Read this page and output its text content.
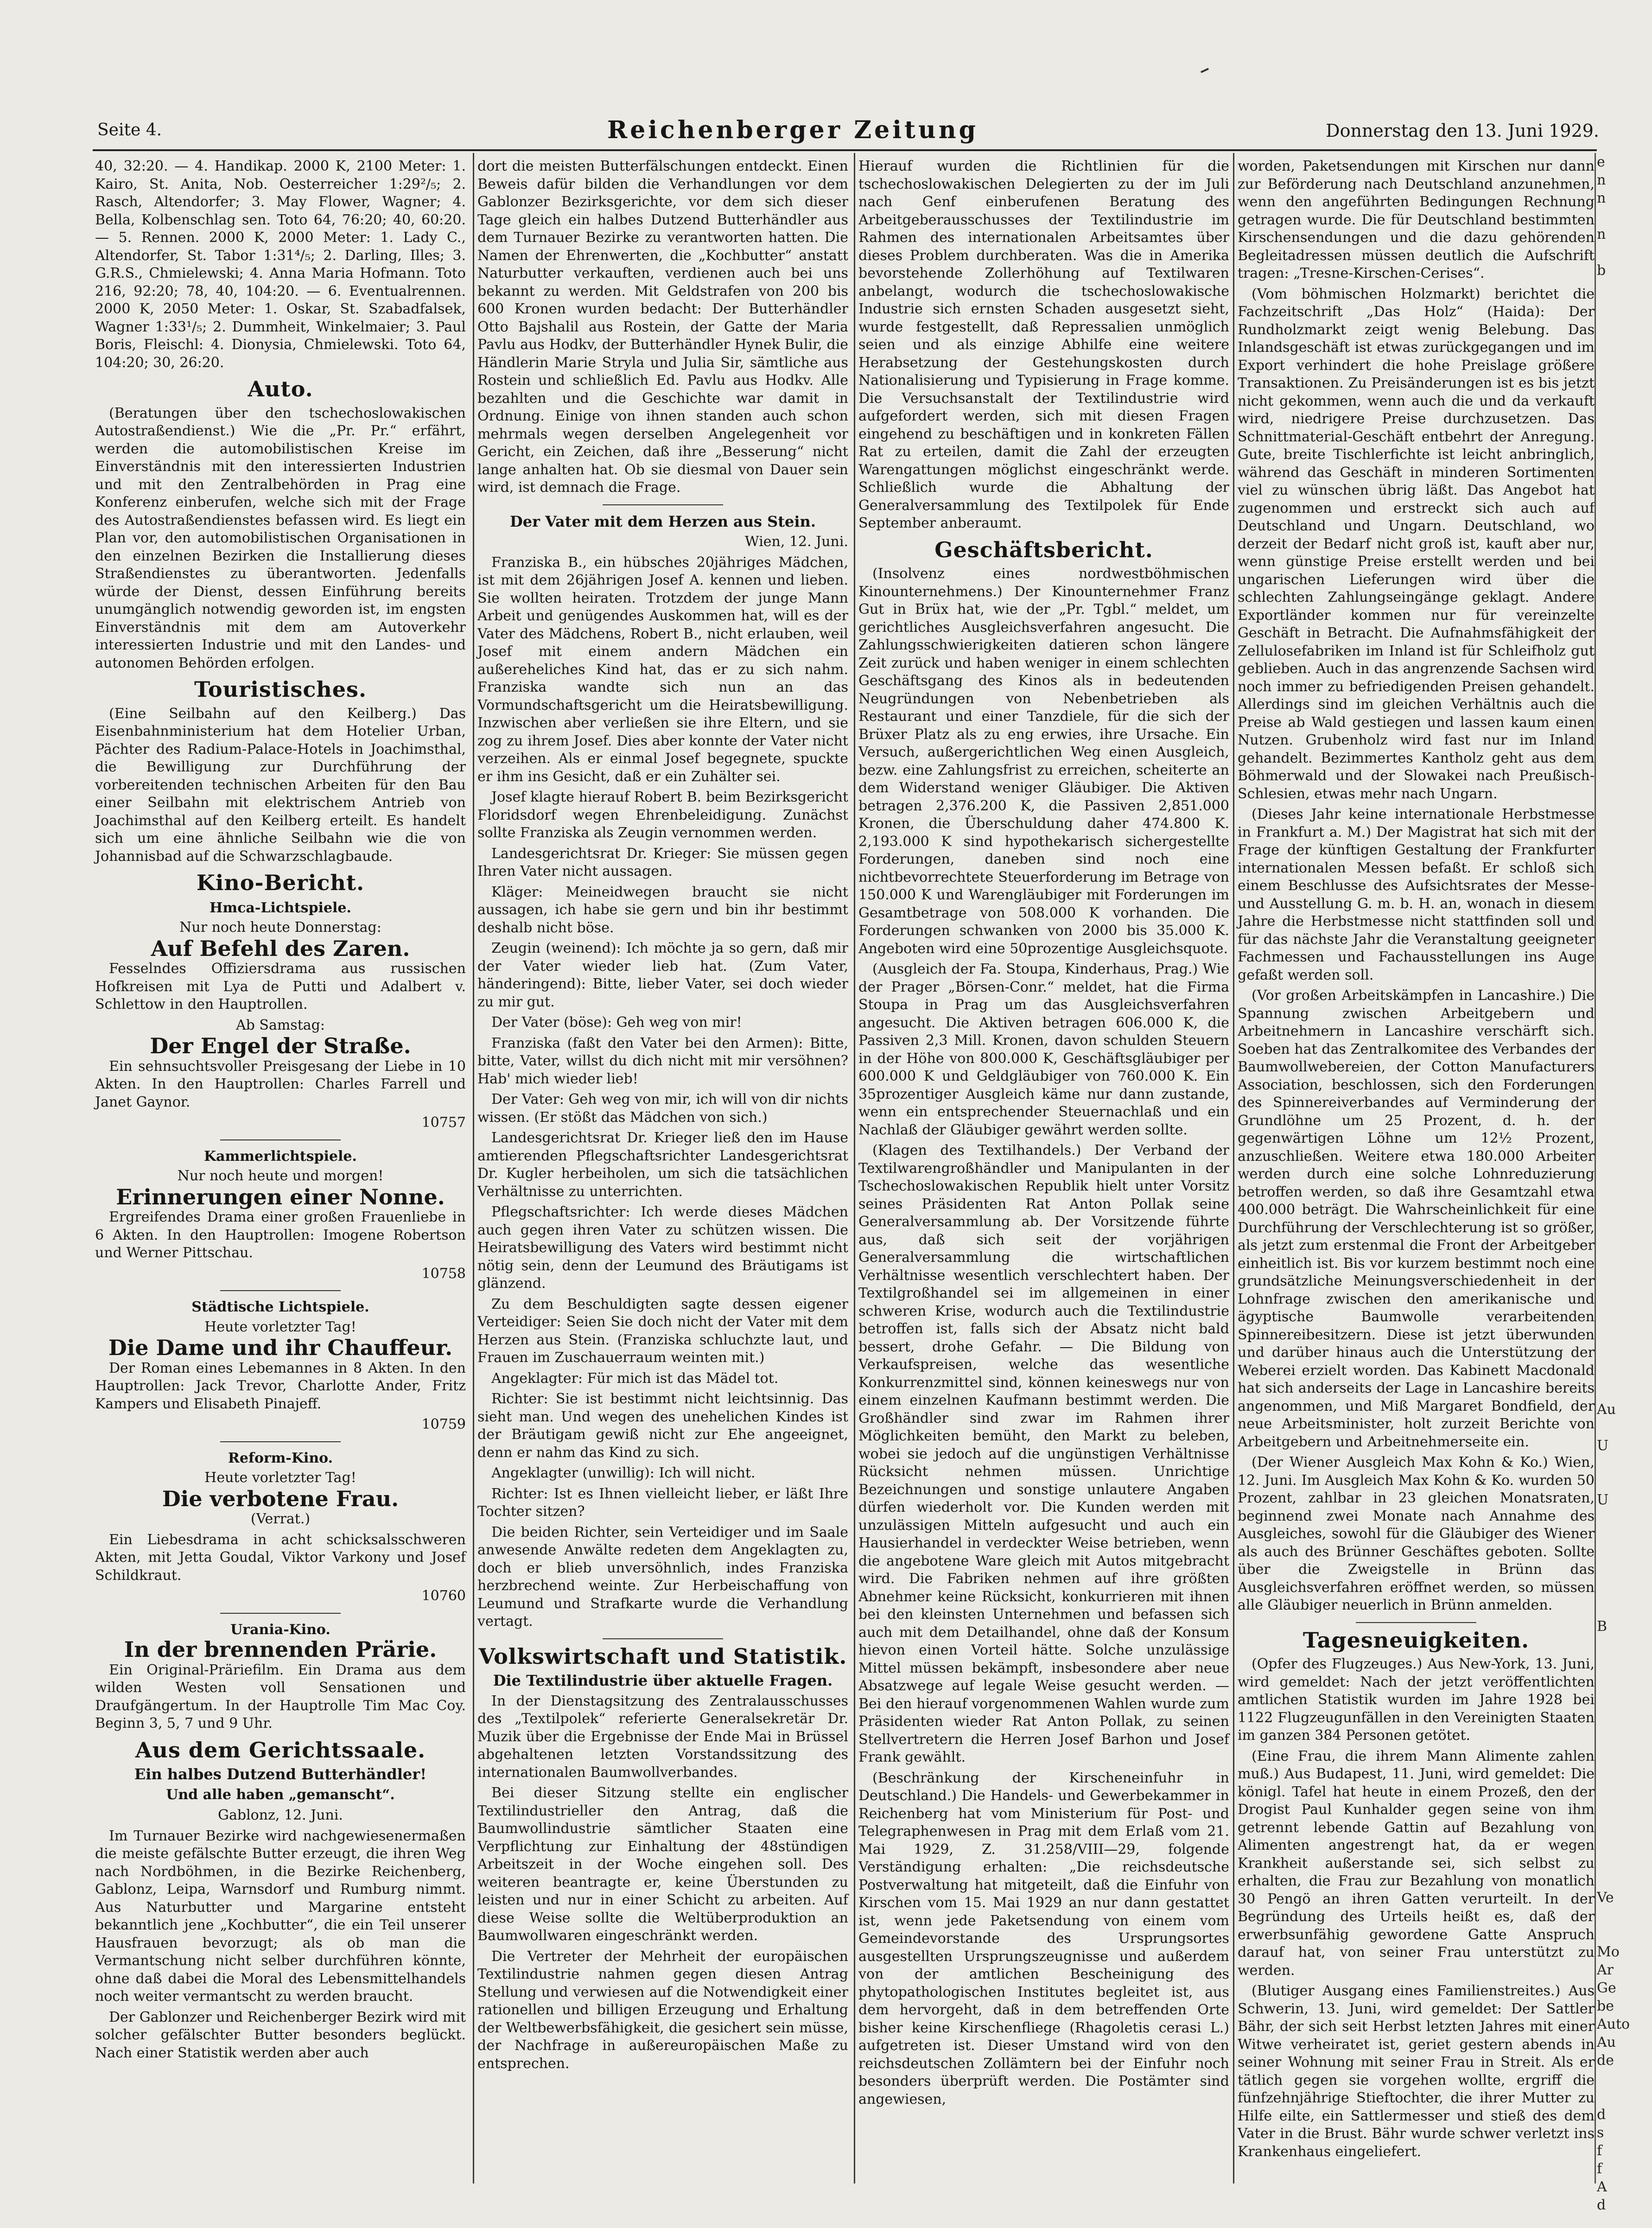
Seite 4.	Reichenberger Zeitung	Donnerstag den 13. Juni 1929.

40, 32:20. — 4. Handikap. 2000 K, 2100 Meter: 1. Kairo, St. Anita, Nob. Oesterreicher 1:29²/₅; 2. Rasch, Altendorfer; 3. May Flower, Wagner; 4. Bella, Kolbenschlag sen. Toto 64, 76:20; 40, 60:20. — 5. Rennen. 2000 K, 2000 Meter: 1. Lady C., Altendorfer, St. Tabor 1:31⁴/₅; 2. Darling, Illes; 3. G.R.S., Chmielewski; 4. Anna Maria Hofmann. Toto 216, 92:20; 78, 40, 104:20. — 6. Eventualrennen. 2000 K, 2050 Meter: 1. Oskar, St. Szabadfalsek, Wagner 1:33¹/₅; 2. Dummheit, Winkelmaier; 3. Paul Boris, Fleischl: 4. Dionysia, Chmielewski. Toto 64, 104:20; 30, 26:20.

Auto.

(Beratungen über den tschechoslowakischen Autostraßendienst.) Wie die „Pr. Pr.“ erfährt, werden die automobilistischen Kreise im Einverständnis mit den interessierten Industrien und mit den Zentralbehörden in Prag eine Konferenz einberufen, welche sich mit der Frage des Autostraßendienstes befassen wird. Es liegt ein Plan vor, den automobilistischen Organisationen in den einzelnen Bezirken die Installierung dieses Straßendienstes zu überantworten. Jedenfalls würde der Dienst, dessen Einführung bereits unumgänglich notwendig geworden ist, im engsten Einverständnis mit dem am Autoverkehr interessierten Industrie und mit den Landes- und autonomen Behörden erfolgen.

Touristisches.

(Eine Seilbahn auf den Keilberg.) Das Eisenbahnministerium hat dem Hotelier Urban, Pächter des Radium-Palace-Hotels in Joachimsthal, die Bewilligung zur Durchführung der vorbereitenden technischen Arbeiten für den Bau einer Seilbahn mit elektrischem Antrieb von Joachimsthal auf den Keilberg erteilt. Es handelt sich um eine ähnliche Seilbahn wie die von Johannisbad auf die Schwarzschlagbaude.

Kino-Bericht.
Hmca-Lichtspiele.

Nur noch heute Donnerstag:

Auf Befehl des Zaren.

Fesselndes Offiziersdrama aus russischen Hofkreisen mit Lya de Putti und Adalbert v. Schlettow in den Hauptrollen.

Ab Samstag:

Der Engel der Straße.

Ein sehnsuchtsvoller Preisgesang der Liebe in 10 Akten. In den Hauptrollen: Charles Farrell und Janet Gaynor.

10757

Kammerlichtspiele.

Nur noch heute und morgen!

Erinnerungen einer Nonne.

Ergreifendes Drama einer großen Frauenliebe in 6 Akten. In den Hauptrollen: Imogene Robertson und Werner Pittschau.

10758

Städtische Lichtspiele.

Heute vorletzter Tag!

Die Dame und ihr Chauffeur.

Der Roman eines Lebemannes in 8 Akten. In den Hauptrollen: Jack Trevor, Charlotte Ander, Fritz Kampers und Elisabeth Pinajeff.

10759

Reform-Kino.

Heute vorletzter Tag!

Die verbotene Frau.

(Verrat.)

Ein Liebesdrama in acht schicksalsschweren Akten, mit Jetta Goudal, Viktor Varkony und Josef Schildkraut.

10760

Urania-Kino.
In der brennenden Prärie.

Ein Original-Präriefilm. Ein Drama aus dem wilden Westen voll Sensationen und Draufgängertum. In der Hauptrolle Tim Mac Coy. Beginn 3, 5, 7 und 9 Uhr.

Aus dem Gerichtssaale.
Ein halbes Dutzend Butterhändler!

Und alle haben „gemanscht“.

Gablonz, 12. Juni.

Im Turnauer Bezirke wird nachgewiesenermaßen die meiste gefälschte Butter erzeugt, die ihren Weg nach Nordböhmen, in die Bezirke Reichenberg, Gablonz, Leipa, Warnsdorf und Rumburg nimmt. Aus Naturbutter und Margarine entsteht bekanntlich jene „Kochbutter“, die ein Teil unserer Hausfrauen bevorzugt; als ob man die Vermantschung nicht selber durchführen könnte, ohne daß dabei die Moral des Lebensmittelhandels noch weiter vermantscht zu werden braucht.

Der Gablonzer und Reichenberger Bezirk wird mit solcher gefälschter Butter besonders beglückt. Nach einer Statistik werden aber auch

dort die meisten Butterfälschungen entdeckt. Einen Beweis dafür bilden die Verhandlungen vor dem Gablonzer Bezirksgerichte, vor dem sich dieser Tage gleich ein halbes Dutzend Butterhändler aus dem Turnauer Bezirke zu verantworten hatten. Die Namen der Ehrenwerten, die „Kochbutter“ anstatt Naturbutter verkauften, verdienen auch bei uns bekannt zu werden. Mit Geldstrafen von 200 bis 600 Kronen wurden bedacht: Der Butterhändler Otto Bajshalil aus Rostein, der Gatte der Maria Pavlu aus Hodkv, der Butterhändler Hynek Bulir, die Händlerin Marie Stryla und Julia Sir, sämtliche aus Rostein und schließlich Ed. Pavlu aus Hodkv. Alle bezahlten und die Geschichte war damit in Ordnung. Einige von ihnen standen auch schon mehrmals wegen derselben Angelegenheit vor Gericht, ein Zeichen, daß ihre „Besserung“ nicht lange anhalten hat. Ob sie diesmal von Dauer sein wird, ist demnach die Frage.

Der Vater mit dem Herzen aus Stein.

Wien, 12. Juni.

Franziska B., ein hübsches 20jähriges Mädchen, ist mit dem 26jährigen Josef A. kennen und lieben. Sie wollten heiraten. Trotzdem der junge Mann Arbeit und genügendes Auskommen hat, will es der Vater des Mädchens, Robert B., nicht erlauben, weil Josef mit einem andern Mädchen ein außereheliches Kind hat, das er zu sich nahm. Franziska wandte sich nun an das Vormundschaftsgericht um die Heiratsbewilligung. Inzwischen aber verließen sie ihre Eltern, und sie zog zu ihrem Josef. Dies aber konnte der Vater nicht verzeihen. Als er einmal Josef begegnete, spuckte er ihm ins Gesicht, daß er ein Zuhälter sei.

Josef klagte hierauf Robert B. beim Bezirksgericht Floridsdorf wegen Ehrenbeleidigung. Zunächst sollte Franziska als Zeugin vernommen werden.

Landesgerichtsrat Dr. Krieger: Sie müssen gegen Ihren Vater nicht aussagen.

Kläger: Meineidwegen braucht sie nicht aussagen, ich habe sie gern und bin ihr bestimmt deshalb nicht böse.

Zeugin (weinend): Ich möchte ja so gern, daß mir der Vater wieder lieb hat. (Zum Vater, händeringend): Bitte, lieber Vater, sei doch wieder zu mir gut.

Der Vater (böse): Geh weg von mir!

Franziska (faßt den Vater bei den Armen): Bitte, bitte, Vater, willst du dich nicht mit mir versöhnen? Hab' mich wieder lieb!

Der Vater: Geh weg von mir, ich will von dir nichts wissen. (Er stößt das Mädchen von sich.)

Landesgerichtsrat Dr. Krieger ließ den im Hause amtierenden Pflegschaftsrichter Landesgerichtsrat Dr. Kugler herbeiholen, um sich die tatsächlichen Verhältnisse zu unterrichten.

Pflegschaftsrichter: Ich werde dieses Mädchen auch gegen ihren Vater zu schützen wissen. Die Heiratsbewilligung des Vaters wird bestimmt nicht nötig sein, denn der Leumund des Bräutigams ist glänzend.

Zu dem Beschuldigten sagte dessen eigener Verteidiger: Seien Sie doch nicht der Vater mit dem Herzen aus Stein. (Franziska schluchzte laut, und Frauen im Zuschauerraum weinten mit.)

Angeklagter: Für mich ist das Mädel tot.

Richter: Sie ist bestimmt nicht leichtsinnig. Das sieht man. Und wegen des unehelichen Kindes ist der Bräutigam gewiß nicht zur Ehe angeeignet, denn er nahm das Kind zu sich.

Angeklagter (unwillig): Ich will nicht.

Richter: Ist es Ihnen vielleicht lieber, er läßt Ihre Tochter sitzen?

Die beiden Richter, sein Verteidiger und im Saale anwesende Anwälte redeten dem Angeklagten zu, doch er blieb unversöhnlich, indes Franziska herzbrechend weinte. Zur Herbeischaffung von Leumund und Strafkarte wurde die Verhandlung vertagt.

Volkswirtschaft und Statistik.
Die Textilindustrie über aktuelle Fragen.

In der Dienstagsitzung des Zentralausschusses des „Textilpolek“ referierte Generalsekretär Dr. Muzik über die Ergebnisse der Ende Mai in Brüssel abgehaltenen letzten Vorstandssitzung des internationalen Baumwollverbandes.

Bei dieser Sitzung stellte ein englischer Textilindustrieller den Antrag, daß die Baumwollindustrie sämtlicher Staaten eine Verpflichtung zur Einhaltung der 48stündigen Arbeitszeit in der Woche eingehen soll. Des weiteren beantragte er, keine Überstunden zu leisten und nur in einer Schicht zu arbeiten. Auf diese Weise sollte die Weltüberproduktion an Baumwollwaren eingeschränkt werden.

Die Vertreter der Mehrheit der europäischen Textilindustrie nahmen gegen diesen Antrag Stellung und verwiesen auf die Notwendigkeit einer rationellen und billigen Erzeugung und Erhaltung der Weltbewerbsfähigkeit, die gesichert sein müsse, der Nachfrage in außereuropäischen Maße zu entsprechen.

Hierauf wurden die Richtlinien für die tschechoslowakischen Delegierten zu der im Juli nach Genf einberufenen Beratung des Arbeitgeberausschusses der Textilindustrie im Rahmen des internationalen Arbeitsamtes über dieses Problem durchberaten. Was die in Amerika bevorstehende Zollerhöhung auf Textilwaren anbelangt, wodurch die tschechoslowakische Industrie sich ernsten Schaden ausgesetzt sieht, wurde festgestellt, daß Repressalien unmöglich seien und als einzige Abhilfe eine weitere Herabsetzung der Gestehungskosten durch Nationalisierung und Typisierung in Frage komme. Die Versuchsanstalt der Textilindustrie wird aufgefordert werden, sich mit diesen Fragen eingehend zu beschäftigen und in konkreten Fällen Rat zu erteilen, damit die Zahl der erzeugten Warengattungen möglichst eingeschränkt werde. Schließlich wurde die Abhaltung der Generalversammlung des Textilpolek für Ende September anberaumt.

Geschäftsbericht.

(Insolvenz eines nordwestböhmischen Kinounternehmens.) Der Kinounternehmer Franz Gut in Brüx hat, wie der „Pr. Tgbl.“ meldet, um gerichtliches Ausgleichsverfahren angesucht. Die Zahlungsschwierigkeiten datieren schon längere Zeit zurück und haben weniger in einem schlechten Geschäftsgang des Kinos als in bedeutenden Neugründungen von Nebenbetrieben als Restaurant und einer Tanzdiele, für die sich der Brüxer Platz als zu eng erwies, ihre Ursache. Ein Versuch, außergerichtlichen Weg einen Ausgleich, bezw. eine Zahlungsfrist zu erreichen, scheiterte an dem Widerstand weniger Gläubiger. Die Aktiven betragen 2,376.200 K, die Passiven 2,851.000 Kronen, die Überschuldung daher 474.800 K. 2,193.000 K sind hypothekarisch sichergestellte Forderungen, daneben sind noch eine nichtbevorrechtete Steuerforderung im Betrage von 150.000 K und Warengläubiger mit Forderungen im Gesamtbetrage von 508.000 K vorhanden. Die Forderungen schwanken von 2000 bis 35.000 K. Angeboten wird eine 50prozentige Ausgleichsquote.

(Ausgleich der Fa. Stoupa, Kinderhaus, Prag.) Wie der Prager „Börsen-Conr.“ meldet, hat die Firma Stoupa in Prag um das Ausgleichsverfahren angesucht. Die Aktiven betragen 606.000 K, die Passiven 2,3 Mill. Kronen, davon schulden Steuern in der Höhe von 800.000 K, Geschäftsgläubiger per 600.000 K und Geldgläubiger von 760.000 K. Ein 35prozentiger Ausgleich käme nur dann zustande, wenn ein entsprechender Steuernachlaß und ein Nachlaß der Gläubiger gewährt werden sollte.

(Klagen des Textilhandels.) Der Verband der Textilwarengroßhändler und Manipulanten in der Tschechoslowakischen Republik hielt unter Vorsitz seines Präsidenten Rat Anton Pollak seine Generalversammlung ab. Der Vorsitzende führte aus, daß sich seit der vorjährigen Generalversammlung die wirtschaftlichen Verhältnisse wesentlich verschlechtert haben. Der Textilgroßhandel sei im allgemeinen in einer schweren Krise, wodurch auch die Textilindustrie betroffen ist, falls sich der Absatz nicht bald bessert, drohe Gefahr. — Die Bildung von Verkaufspreisen, welche das wesentliche Konkurrenzmittel sind, können keineswegs nur von einem einzelnen Kaufmann bestimmt werden. Die Großhändler sind zwar im Rahmen ihrer Möglichkeiten bemüht, den Markt zu beleben, wobei sie jedoch auf die ungünstigen Verhältnisse Rücksicht nehmen müssen. Unrichtige Bezeichnungen und sonstige unlautere Angaben dürfen wiederholt vor. Die Kunden werden mit unzulässigen Mitteln aufgesucht und auch ein Hausierhandel in verdeckter Weise betrieben, wenn die angebotene Ware gleich mit Autos mitgebracht wird. Die Fabriken nehmen auf ihre größten Abnehmer keine Rücksicht, konkurrieren mit ihnen bei den kleinsten Unternehmen und befassen sich auch mit dem Detailhandel, ohne daß der Konsum hievon einen Vorteil hätte. Solche unzulässige Mittel müssen bekämpft, insbesondere aber neue Absatzwege auf legale Weise gesucht werden. — Bei den hierauf vorgenommenen Wahlen wurde zum Präsidenten wieder Rat Anton Pollak, zu seinen Stellvertretern die Herren Josef Barhon und Josef Frank gewählt.

(Beschränkung der Kirscheneinfuhr in Deutschland.) Die Handels- und Gewerbekammer in Reichenberg hat vom Ministerium für Post- und Telegraphenwesen in Prag mit dem Erlaß vom 21. Mai 1929, Z. 31.258/VIII—29, folgende Verständigung erhalten: „Die reichsdeutsche Postverwaltung hat mitgeteilt, daß die Einfuhr von Kirschen vom 15. Mai 1929 an nur dann gestattet ist, wenn jede Paketsendung von einem vom Gemeindevorstande des Ursprungsortes ausgestellten Ursprungszeugnisse und außerdem von der amtlichen Bescheinigung des phytopathologischen Institutes begleitet ist, aus dem hervorgeht, daß in dem betreffenden Orte bisher keine Kirschenfliege (Rhagoletis cerasi L.) aufgetreten ist. Dieser Umstand wird von den reichsdeutschen Zollämtern bei der Einfuhr noch besonders überprüft werden. Die Postämter sind angewiesen,

worden, Paketsendungen mit Kirschen nur dann zur Beförderung nach Deutschland anzunehmen, wenn den angeführten Bedingungen Rechnung getragen wurde. Die für Deutschland bestimmten Kirschensendungen und die dazu gehörenden Begleitadressen müssen deutlich die Aufschrift tragen: „Tresne-Kirschen-Cerises“.

(Vom böhmischen Holzmarkt) berichtet die Fachzeitschrift „Das Holz“ (Haida): Der Rundholzmarkt zeigt wenig Belebung. Das Inlandsgeschäft ist etwas zurückgegangen und im Export verhindert die hohe Preislage größere Transaktionen. Zu Preisänderungen ist es bis jetzt nicht gekommen, wenn auch die und da verkauft wird, niedrigere Preise durchzusetzen. Das Schnittmaterial-Geschäft entbehrt der Anregung. Gute, breite Tischlerfichte ist leicht anbringlich, während das Geschäft in minderen Sortimenten viel zu wünschen übrig läßt. Das Angebot hat zugenommen und erstreckt sich auch auf Deutschland und Ungarn. Deutschland, wo derzeit der Bedarf nicht groß ist, kauft aber nur, wenn günstige Preise erstellt werden und bei ungarischen Lieferungen wird über die schlechten Zahlungseingänge geklagt. Andere Exportländer kommen nur für vereinzelte Geschäft in Betracht. Die Aufnahmsfähigkeit der Zellulosefabriken im Inland ist für Schleifholz gut geblieben. Auch in das angrenzende Sachsen wird noch immer zu befriedigenden Preisen gehandelt. Allerdings sind im gleichen Verhältnis auch die Preise ab Wald gestiegen und lassen kaum einen Nutzen. Grubenholz wird fast nur im Inland gehandelt. Bezimmertes Kantholz geht aus dem Böhmerwald und der Slowakei nach Preußisch-Schlesien, etwas mehr nach Ungarn.

(Dieses Jahr keine internationale Herbstmesse in Frankfurt a. M.) Der Magistrat hat sich mit der Frage der künftigen Gestaltung der Frankfurter internationalen Messen befaßt. Er schloß sich einem Beschlusse des Aufsichtsrates der Messe- und Ausstellung G. m. b. H. an, wonach in diesem Jahre die Herbstmesse nicht stattfinden soll und für das nächste Jahr die Veranstaltung geeigneter Fachmessen und Fachausstellungen ins Auge gefaßt werden soll.

(Vor großen Arbeitskämpfen in Lancashire.) Die Spannung zwischen Arbeitgebern und Arbeitnehmern in Lancashire verschärft sich. Soeben hat das Zentralkomitee des Verbandes der Baumwollwebereien, der Cotton Manufacturers Association, beschlossen, sich den Forderungen des Spinnereiverbandes auf Verminderung der Grundlöhne um 25 Prozent, d. h. der gegenwärtigen Löhne um 12½ Prozent, anzuschließen. Weitere etwa 180.000 Arbeiter werden durch eine solche Lohnreduzierung betroffen werden, so daß ihre Gesamtzahl etwa 400.000 beträgt. Die Wahrscheinlichkeit für eine Durchführung der Verschlechterung ist so größer, als jetzt zum erstenmal die Front der Arbeitgeber einheitlich ist. Bis vor kurzem bestimmt noch eine grundsätzliche Meinungsverschiedenheit in der Lohnfrage zwischen den amerikanische und ägyptische Baumwolle verarbeitenden Spinnereibesitzern. Diese ist jetzt überwunden und darüber hinaus auch die Unterstützung der Weberei erzielt worden. Das Kabinett Macdonald hat sich anderseits der Lage in Lancashire bereits angenommen, und Miß Margaret Bondfield, der neue Arbeitsminister, holt zurzeit Berichte von Arbeitgebern und Arbeitnehmerseite ein.

(Der Wiener Ausgleich Max Kohn & Ko.) Wien, 12. Juni. Im Ausgleich Max Kohn & Ko. wurden 50 Prozent, zahlbar in 23 gleichen Monatsraten, beginnend zwei Monate nach Annahme des Ausgleiches, sowohl für die Gläubiger des Wiener als auch des Brünner Geschäftes geboten. Sollte über die Zweigstelle in Brünn das Ausgleichsverfahren eröffnet werden, so müssen alle Gläubiger neuerlich in Brünn anmelden.

Tagesneuigkeiten.

(Opfer des Flugzeuges.) Aus New-York, 13. Juni, wird gemeldet: Nach der jetzt veröffentlichten amtlichen Statistik wurden im Jahre 1928 bei 1122 Flugzeugunfällen in den Vereinigten Staaten im ganzen 384 Personen getötet.

(Eine Frau, die ihrem Mann Alimente zahlen muß.) Aus Budapest, 11. Juni, wird gemeldet: Die königl. Tafel hat heute in einem Prozeß, den der Drogist Paul Kunhalder gegen seine von ihm getrennt lebende Gattin auf Bezahlung von Alimenten angestrengt hat, da er wegen Krankheit außerstande sei, sich selbst zu erhalten, die Frau zur Bezahlung von monatlich 30 Pengö an ihren Gatten verurteilt. In der Begründung des Urteils heißt es, daß der erwerbsunfähig gewordene Gatte Anspruch darauf hat, von seiner Frau unterstützt zu werden.

(Blutiger Ausgang eines Familienstreites.) Aus Schwerin, 13. Juni, wird gemeldet: Der Sattler Bähr, der sich seit Herbst letzten Jahres mit einer Witwe verheiratet ist, geriet gestern abends in seiner Wohnung mit seiner Frau in Streit. Als er tätlich gegen sie vorgehen wollte, ergriff die fünfzehnjährige Stieftochter, die ihrer Mutter zu Hilfe eilte, ein Sattlermesser und stieß des dem Vater in die Brust. Bähr wurde schwer verletzt ins Krankenhaus eingeliefert.

e
n
n

n

b

Au

U

U

B

Ve

Mo
Ar
Ge
be
Auto
Au
de

d
s
f
f
A
d
